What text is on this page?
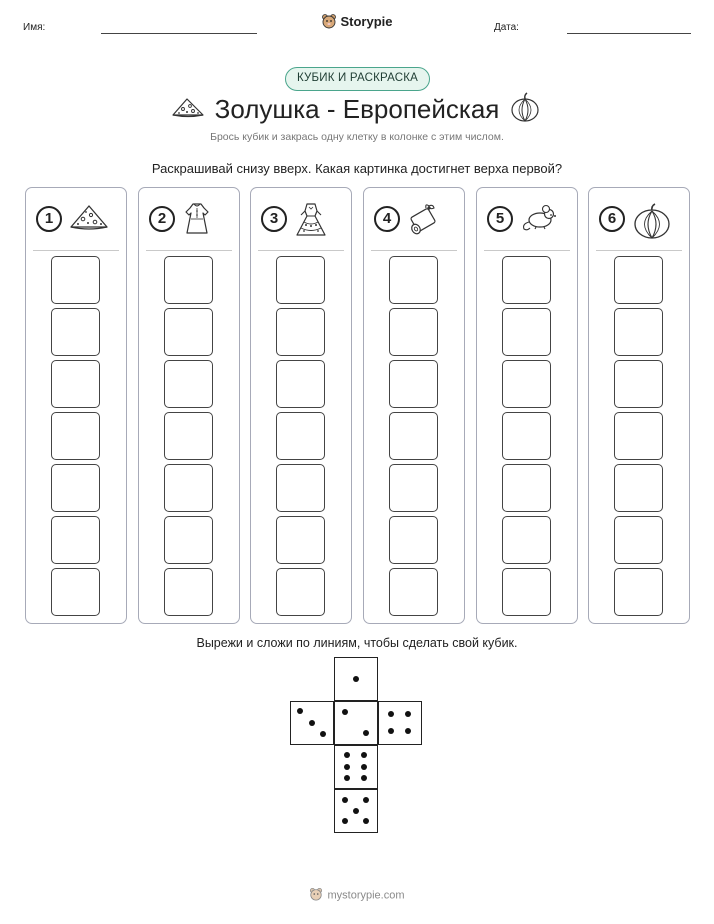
Имя:	Storypie	Дата:
КУБИК И РАСКРАСКА
Золушка - Европейская
Брось кубик и закрась одну клетку в колонке с этим числом.
Раскрашивай снизу вверх. Какая картинка достигнет верха первой?
1	2	3	4	5	6
Вырежи и сложи по линиям, чтобы сделать свой кубик.
mystorypie.com
